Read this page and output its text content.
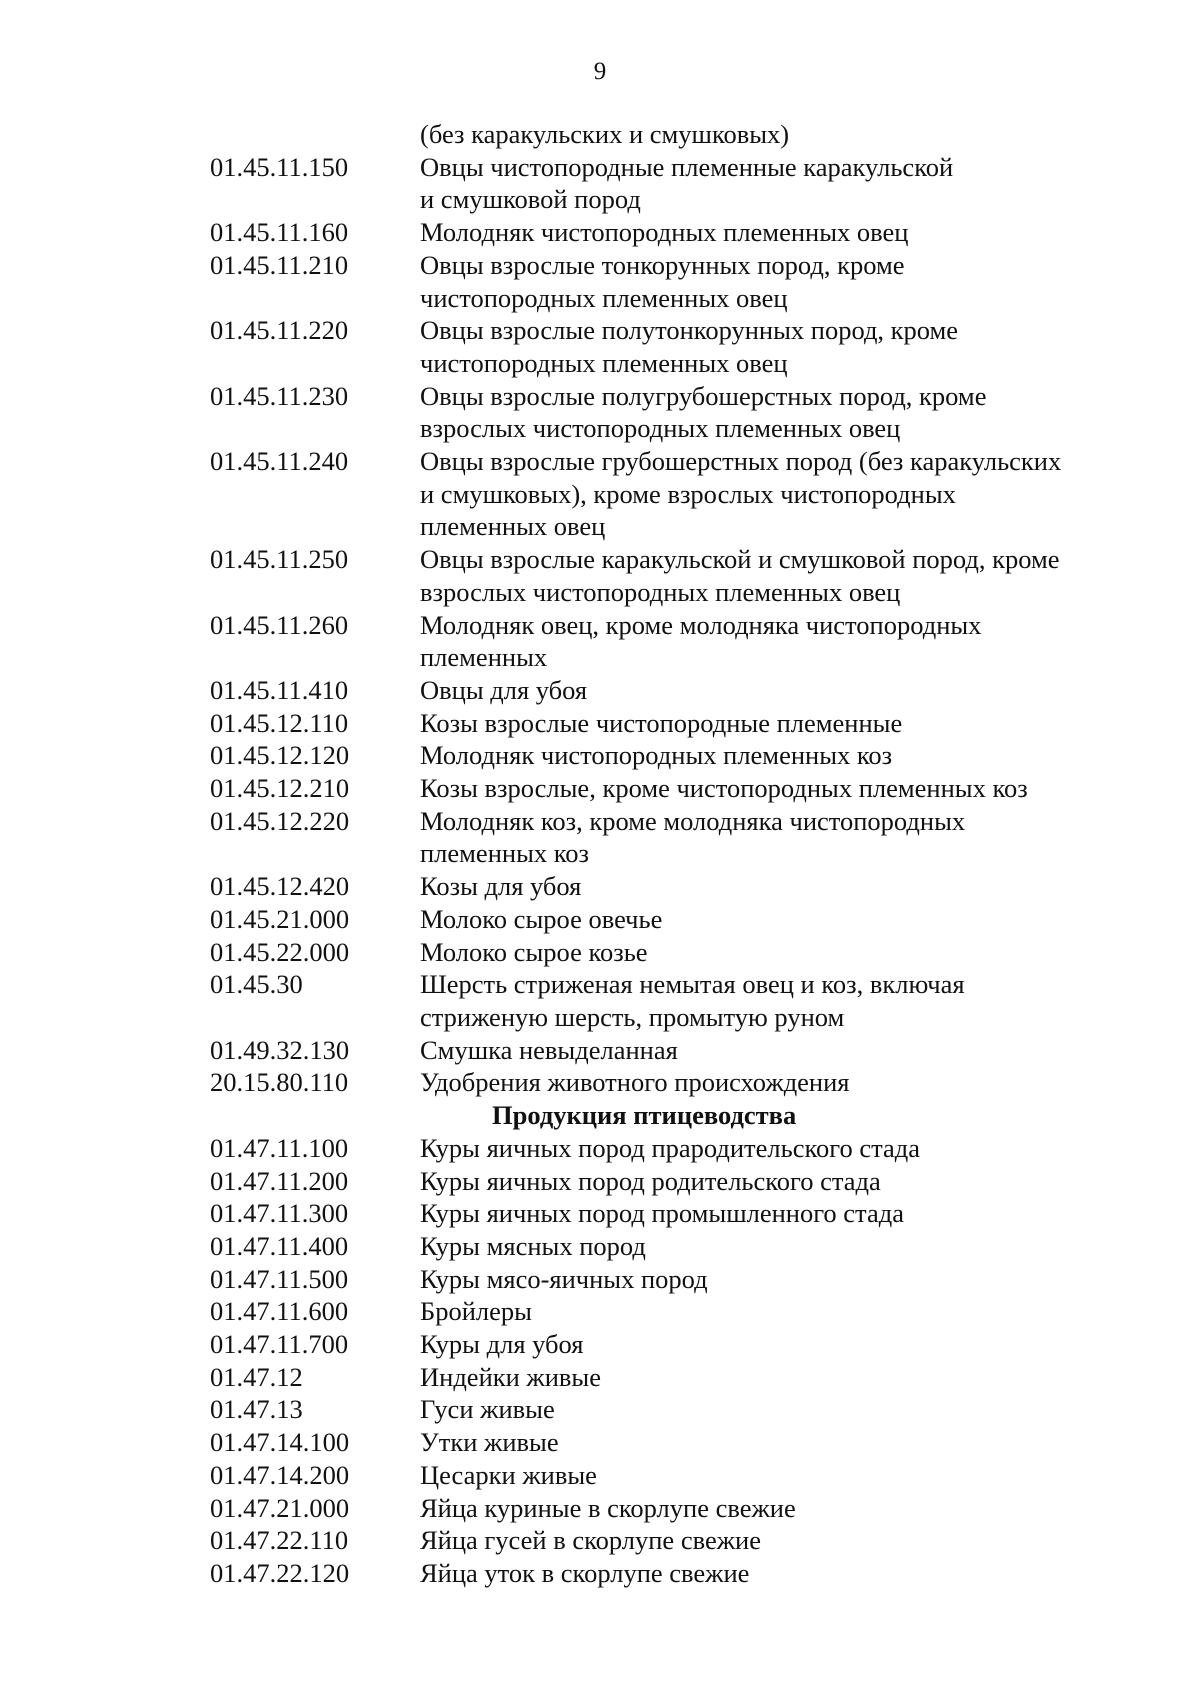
9
(без каракульских и смушковых)
01.45.11.150	Овцы чистопородные племенные каракульской
и смушковой пород
01.45.11.160	Молодняк чистопородных племенных овец
01.45.11.210	Овцы взрослые тонкорунных пород, кроме
чистопородных племенных овец
01.45.11.220	Овцы взрослые полутонкорунных пород, кроме
чистопородных племенных овец
01.45.11.230	Овцы взрослые полугрубошерстных пород, кроме
взрослых чистопородных племенных овец
01.45.11.240	Овцы взрослые грубошерстных пород (без каракульских
и смушковых), кроме взрослых чистопородных
племенных овец
01.45.11.250	Овцы взрослые каракульской и смушковой пород, кроме
взрослых чистопородных племенных овец
01.45.11.260	Молодняк овец, кроме молодняка чистопородных
племенных
01.45.11.410	Овцы для убоя
01.45.12.110	Козы взрослые чистопородные племенные
01.45.12.120	Молодняк чистопородных племенных коз
01.45.12.210	Козы взрослые, кроме чистопородных племенных коз
01.45.12.220	Молодняк коз, кроме молодняка чистопородных
племенных коз
01.45.12.420	Козы для убоя
01.45.21.000	Молоко сырое овечье
01.45.22.000	Молоко сырое козье
01.45.30	Шерсть стриженая немытая овец и коз, включая
стриженую шерсть, промытую руном
01.49.32.130	Смушка невыделанная
20.15.80.110	Удобрения животного происхождения
Продукция птицеводства
01.47.11.100	Куры яичных пород прародительского стада
01.47.11.200	Куры яичных пород родительского стада
01.47.11.300	Куры яичных пород промышленного стада
01.47.11.400	Куры мясных пород
01.47.11.500	Куры мясо-яичных пород
01.47.11.600	Бройлеры
01.47.11.700	Куры для убоя
01.47.12	Индейки живые
01.47.13	Гуси живые
01.47.14.100	Утки живые
01.47.14.200	Цесарки живые
01.47.21.000	Яйца куриные в скорлупе свежие
01.47.22.110	Яйца гусей в скорлупе свежие
01.47.22.120	Яйца уток в скорлупе свежие
